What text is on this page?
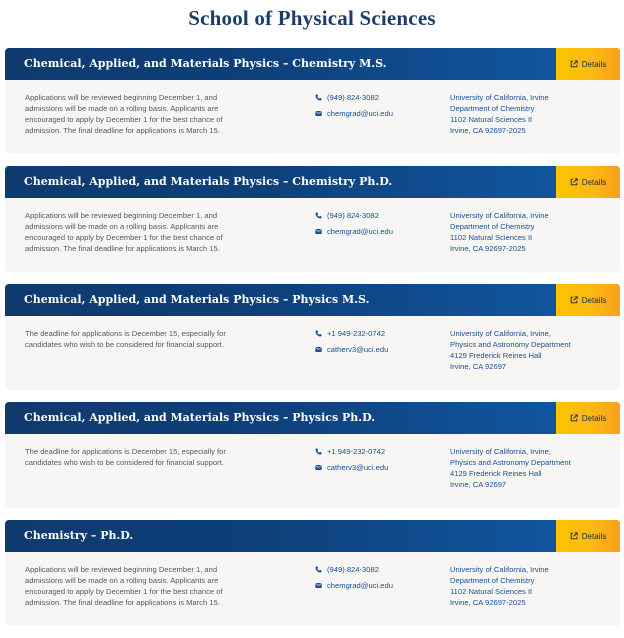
School of Physical Sciences
Chemical, Applied, and Materials Physics – Chemistry M.S.	Details
Applications will be reviewed beginning December 1, and
admissions will be made on a rolling basis. Applicants are
encouraged to apply by December 1 for the best chance of
admission. The final deadline for applications is March 15.
(949) 824-3082
chemgrad@uci.edu
University of California, Irvine
Department of Chemistry
1102 Natural Sciences II
Irvine, CA 92697-2025
Chemical, Applied, and Materials Physics – Chemistry Ph.D.	Details
Applications will be reviewed beginning December 1, and
admissions will be made on a rolling basis. Applicants are
encouraged to apply by December 1 for the best chance of
admission. The final deadline for applications is March 15.
(949) 824-3082
chemgrad@uci.edu
University of California, Irvine
Department of Chemistry
1102 Natural Sciences II
Irvine, CA 92697-2025
Chemical, Applied, and Materials Physics – Physics M.S.	Details
The deadline for applications is December 15, especially for
candidates who wish to be considered for financial support.
+1 949-232-0742
catherv3@uci.edu
University of California, Irvine,
Physics and Astronomy Department
4129 Frederick Reines Hall
Irvine, CA 92697
Chemical, Applied, and Materials Physics – Physics Ph.D.	Details
The deadline for applications is December 15, especially for
candidates who wish to be considered for financial support.
+1 949-232-0742
catherv3@uci.edu
University of California, Irvine,
Physics and Astronomy Department
4129 Frederick Reines Hall
Irvine, CA 92697
Chemistry – Ph.D.	Details
Applications will be reviewed beginning December 1, and
admissions will be made on a rolling basis. Applicants are
encouraged to apply by December 1 for the best chance of
admission. The final deadline for applications is March 15.
(949) 824-3082
chemgrad@uci.edu
University of California, Irvine
Department of Chemistry
1102 Natural Sciences II
Irvine, CA 92697-2025
